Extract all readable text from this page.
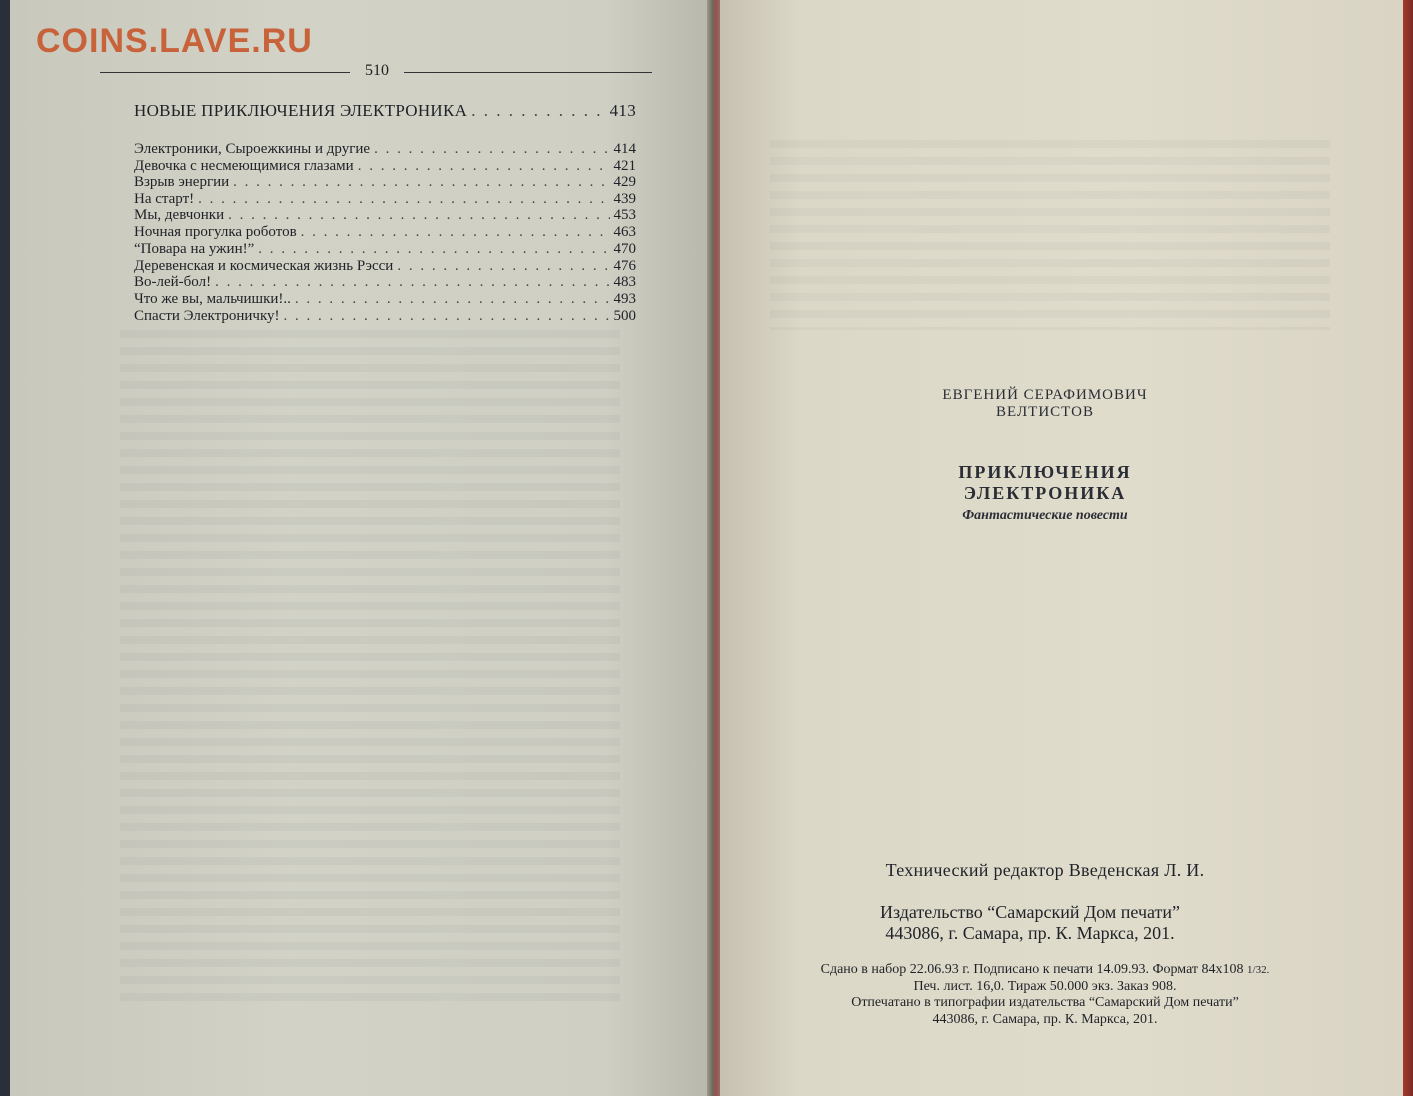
COINS.LAVE.RU
510
НОВЫЕ ПРИКЛЮЧЕНИЯ ЭЛЕКТРОНИКА . . .	413
Электроники, Сыроежкины и другие . . .	414
Девочка с несмеющимися глазами . . .	421
Взрыв энергии . . .	429
На старт! . . .	439
Мы, девчонки . . .	453
Ночная прогулка роботов . . .	463
“Повара на ужин!” . . .	470
Деревенская и космическая жизнь Рэсси . . .	476
Во-лей-бол! . . .	483
Что же вы, мальчишки!.. . . .	493
Спасти Электроничку! . . .	500
ЕВГЕНИЙ СЕРАФИМОВИЧ
ВЕЛТИСТОВ
ПРИКЛЮЧЕНИЯ
ЭЛЕКТРОНИКА
Фантастические повести
Технический редактор Введенская Л. И.
Издательство “Самарский Дом печати”
443086, г. Самара, пр. К. Маркса, 201.
Сдано в набор 22.06.93 г. Подписано к печати 14.09.93. Формат 84х108 1/32.
Печ. лист. 16,0. Тираж 50.000 экз. Заказ 908.
Отпечатано в типографии издательства “Самарский Дом печати”
443086, г. Самара, пр. К. Маркса, 201.
